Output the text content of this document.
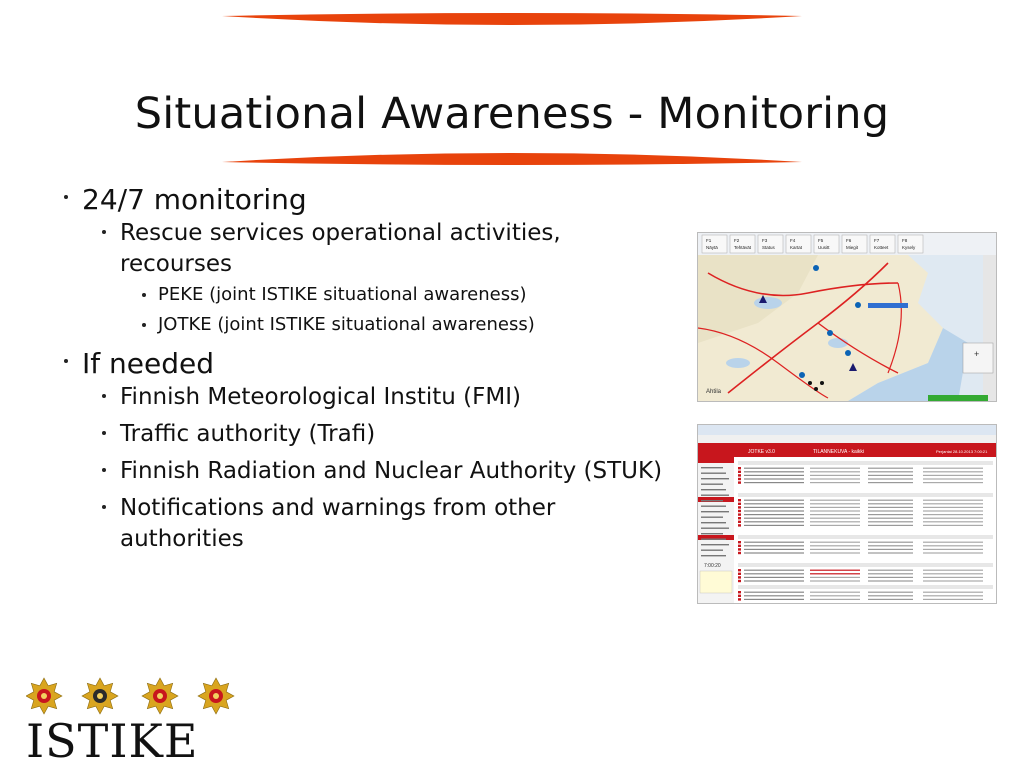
Situational Awareness - Monitoring
24/7 monitoring
Rescue services operational activities, recourses
PEKE (joint ISTIKE situational awareness)
JOTKE (joint ISTIKE situational awareness)
If needed
Finnish Meteorological Institu (FMI)
Traffic authority (Trafi)
Finnish Radiation and Nuclear Authority (STUK)
Notifications and warnings from other authorities
F1
Näytä
F2
Tehtävät
F3
Status
F4
Kartat
F5
Uusitt
F6
Miegit
F7
Kotteet
F8
Kysely
Ahtila
+
JOTKE v3.0	TILANNEKUVA - kaikki	Perjantai 28.10.2013 7:00:21
7:00:20
ISTIKE
